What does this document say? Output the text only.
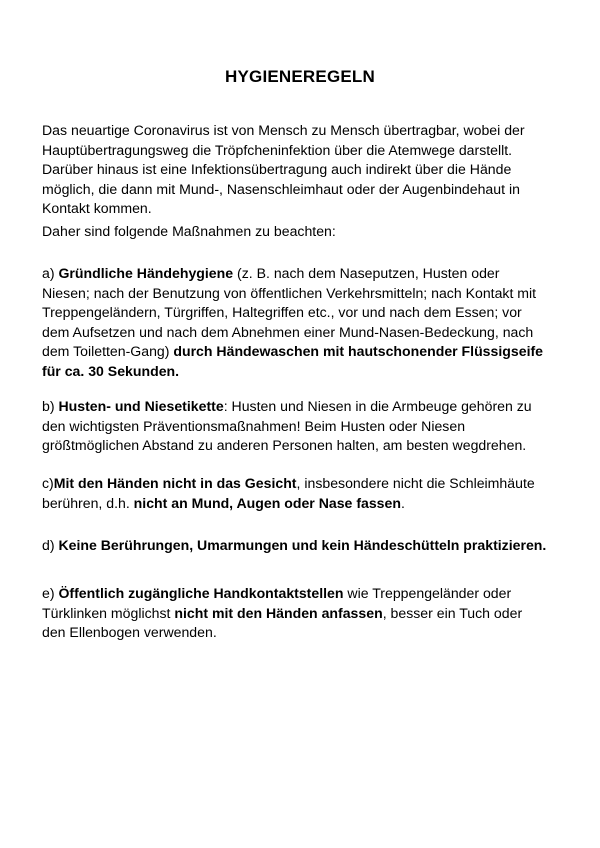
HYGIENEREGELN
Das neuartige Coronavirus ist von Mensch zu Mensch übertragbar, wobei der
Hauptübertragungsweg die Tröpfcheninfektion über die Atemwege darstellt.
Darüber hinaus ist eine Infektionsübertragung auch indirekt über die Hände
möglich, die dann mit Mund-, Nasenschleimhaut oder der Augenbindehaut in
Kontakt kommen.
Daher sind folgende Maßnahmen zu beachten:
a) Gründliche Händehygiene (z. B. nach dem Naseputzen, Husten oder
Niesen; nach der Benutzung von öffentlichen Verkehrsmitteln; nach Kontakt mit
Treppengeländern, Türgriffen, Haltegriffen etc., vor und nach dem Essen; vor
dem Aufsetzen und nach dem Abnehmen einer Mund-Nasen-Bedeckung, nach
dem Toiletten-Gang) durch Händewaschen mit hautschonender Flüssigseife
für ca. 30 Sekunden.
b) Husten- und Niesetikette: Husten und Niesen in die Armbeuge gehören zu
den wichtigsten Präventionsmaßnahmen! Beim Husten oder Niesen
größtmöglichen Abstand zu anderen Personen halten, am besten wegdrehen.
c)Mit den Händen nicht in das Gesicht, insbesondere nicht die Schleimhäute
berühren, d.h. nicht an Mund, Augen oder Nase fassen.
d) Keine Berührungen, Umarmungen und kein Händeschütteln praktizieren.
e) Öffentlich zugängliche Handkontaktstellen wie Treppengeländer oder
Türklinken möglichst nicht mit den Händen anfassen, besser ein Tuch oder
den Ellenbogen verwenden.
